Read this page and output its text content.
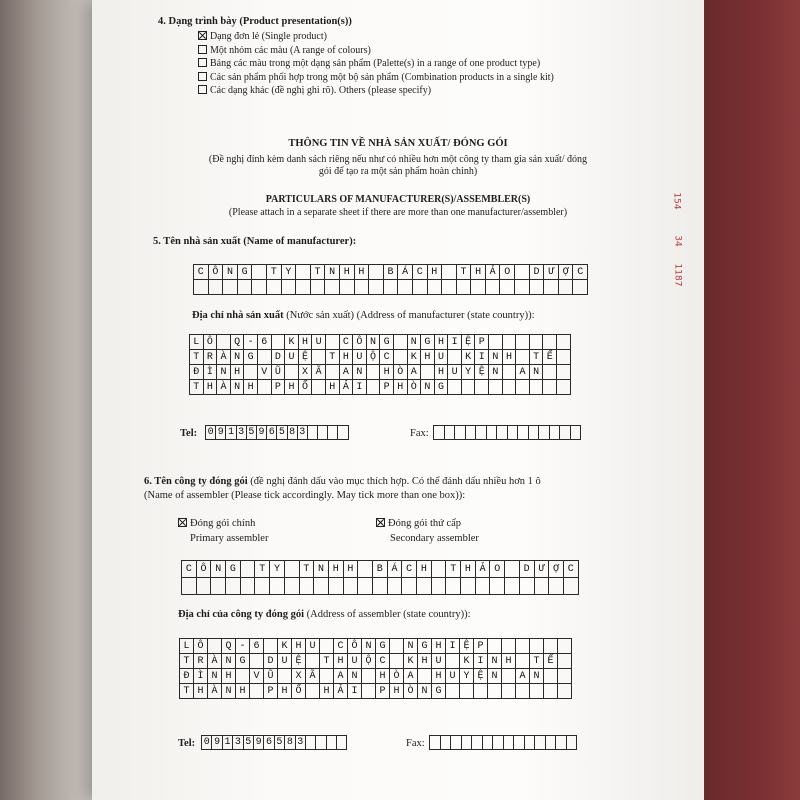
4. Dạng trình bày (Product presentation(s))
Dạng đơn lẻ (Single product)
Một nhóm các màu (A range of colours)
Bảng các màu trong một dạng sản phẩm (Palette(s) in a range of one product type)
Các sản phẩm phối hợp trong một bộ sản phẩm (Combination products in a single kit)
Các dạng khác (đề nghị ghi rõ). Others (please specify)
THÔNG TIN VỀ NHÀ SẢN XUẤT/ ĐÓNG GÓI
(Đề nghị đính kèm danh sách riêng nếu như có nhiều hơn một công ty tham gia sản xuất/ đóng
gói để tạo ra một sản phẩm hoàn chỉnh)
PARTICULARS OF MANUFACTURER(S)/ASSEMBLER(S)
(Please attach in a separate sheet if there are more than one manufacturer/assembler)
5. Tên nhà sản xuất (Name of manufacturer):
C Ô N G	T Y	T N H H	B Á C H	T H Ả O	D Ư Ợ C
Địa chỉ nhà sản xuất (Nước sản xuất) (Address of manufacturer (state country)):
L Ô	Q - 6	K H U	C Ô N G	N G H I Ệ P
T R À N G	D U Ệ	T H U Ộ C	K H U	K I N H	T Ế
Đ Ì N H	V Ũ	X Ã	A N	H Ò A	H U Y Ệ N	A N
T H À N H	P H Ố	H Ả I	P H Ò N G
Tel: 0 9 1 3 5 9 6 5 8 3	Fax:
6. Tên công ty đóng gói (đề nghị đánh dấu vào mục thích hợp. Có thể đánh dấu nhiều hơn 1 ô
(Name of assembler (Please tick accordingly. May tick more than one box)):
Đóng gói chính
Primary assembler
Đóng gói thứ cấp
Secondary assembler
C Ô N G	T Y	T N H H	B Á C H	T H Ả O	D Ư Ợ C
Địa chỉ của công ty đóng gói (Address of assembler (state country)):
L Ô	Q - 6	K H U	C Ô N G	N G H I Ệ P
T R À N G	D U Ệ	T H U Ộ C	K H U	K I N H	T Ế
Đ Ì N H	V Ũ	X Ã	A N	H Ò A	H U Y Ệ N	A N
T H À N H	P H Ố	H Ả I	P H Ò N G
Tel: 0 9 1 3 5 9 6 5 8 3	Fax:
154
34
1187
